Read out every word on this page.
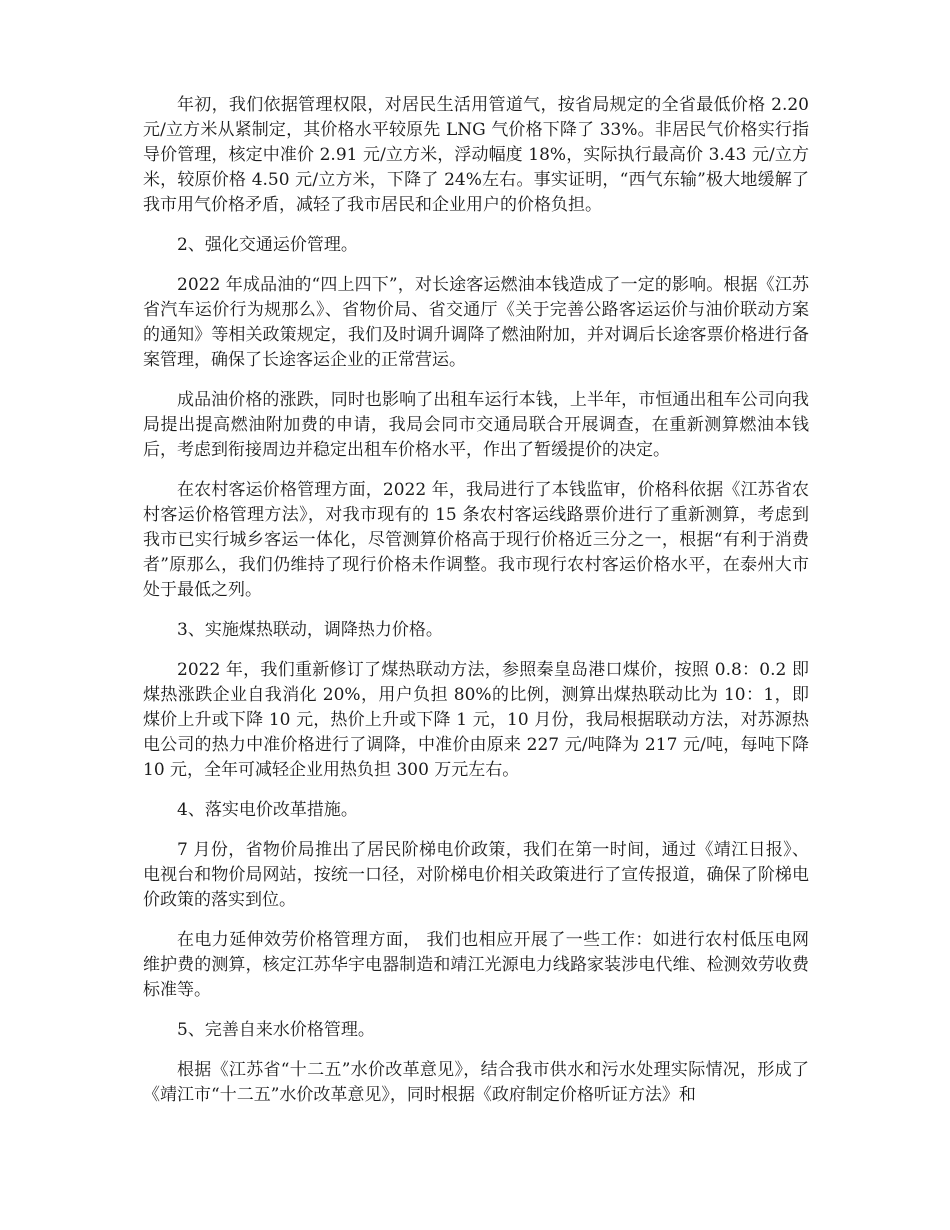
年初，我们依据管理权限，对居民生活用管道气，按省局规定的全省最低价格 2.20 元/立方米从紧制定，其价格水平较原先 LNG 气价格下降了 33%。非居民气价格实行指导价管理，核定中准价 2.91 元/立方米，浮动幅度 18%，实际执行最高价 3.43 元/立方米，较原价格 4.50 元/立方米，下降了 24%左右。事实证明，“西气东输”极大地缓解了我市用气价格矛盾，减轻了我市居民和企业用户的价格负担。

2、强化交通运价管理。

2022 年成品油的“四上四下”，对长途客运燃油本钱造成了一定的影响。根据《江苏省汽车运价行为规那么》、省物价局、省交通厅《关于完善公路客运运价与油价联动方案的通知》等相关政策规定，我们及时调升调降了燃油附加，并对调后长途客票价格进行备案管理，确保了长途客运企业的正常营运。

成品油价格的涨跌，同时也影响了出租车运行本钱，上半年，市恒通出租车公司向我局提出提高燃油附加费的申请，我局会同市交通局联合开展调查，在重新测算燃油本钱后，考虑到衔接周边并稳定出租车价格水平，作出了暂缓提价的决定。

在农村客运价格管理方面，2022 年，我局进行了本钱监审，价格科依据《江苏省农村客运价格管理方法》，对我市现有的 15 条农村客运线路票价进行了重新测算，考虑到我市已实行城乡客运一体化，尽管测算价格高于现行价格近三分之一，根据“有利于消费者”原那么，我们仍维持了现行价格未作调整。我市现行农村客运价格水平，在泰州大市处于最低之列。

3、实施煤热联动，调降热力价格。

2022 年，我们重新修订了煤热联动方法，参照秦皇岛港口煤价，按照 0.8：0.2 即煤热涨跌企业自我消化 20%，用户负担 80%的比例，测算出煤热联动比为 10：1，即煤价上升或下降 10 元，热价上升或下降 1 元，10 月份，我局根据联动方法，对苏源热电公司的热力中准价格进行了调降，中准价由原来 227 元/吨降为 217 元/吨，每吨下降 10 元，全年可减轻企业用热负担 300 万元左右。

4、落实电价改革措施。

7 月份，省物价局推出了居民阶梯电价政策，我们在第一时间，通过《靖江日报》、电视台和物价局网站，按统一口径，对阶梯电价相关政策进行了宣传报道，确保了阶梯电价政策的落实到位。

在电力延伸效劳价格管理方面， 我们也相应开展了一些工作：如进行农村低压电网维护费的测算，核定江苏华宇电器制造和靖江光源电力线路家装涉电代维、检测效劳收费标准等。

5、完善自来水价格管理。

根据《江苏省“十二五”水价改革意见》，结合我市供水和污水处理实际情况，形成了《靖江市“十二五”水价改革意见》，同时根据《政府制定价格听证方法》和
